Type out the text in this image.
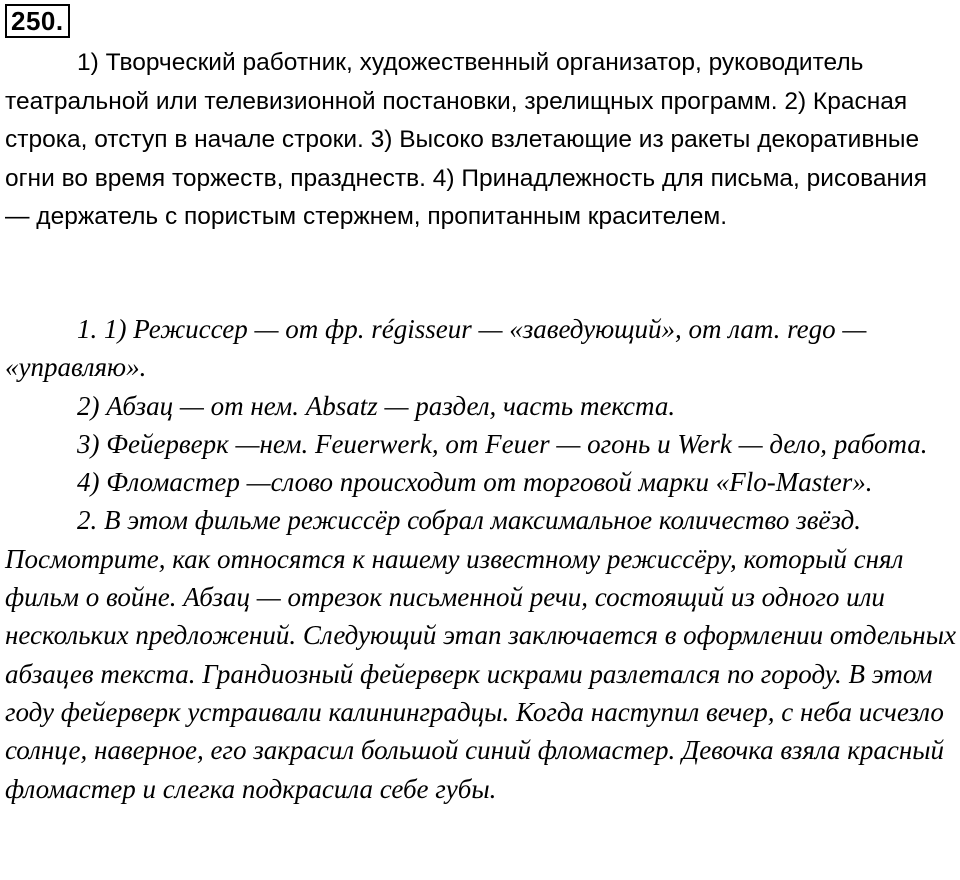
250.

1) Творческий работник, художественный организатор, руководитель театральной или телевизионной постановки, зрелищных программ. 2) Красная строка, отступ в начале строки. 3) Высоко взлетающие из ракеты декоративные огни во время торжеств, празднеств. 4) Принадлежность для письма, рисования — держатель с пористым стержнем, пропитанным красителем.

1. 1) Режиссер — от фр. régisseur — «заведующий», от лат. rego — «управляю».

2) Абзац — от нем. Absatz — раздел, часть текста.

3) Фейерверк —нем. Feuerwerk, от Feuer — огонь и Werk — дело, работа.

4) Фломастер —слово происходит от торговой марки «Flo-Master».

2. В этом фильме режиссёр собрал максимальное количество звёзд. Посмотрите, как относятся к нашему известному режиссёру, который снял фильм о войне. Абзац — отрезок письменной речи, состоящий из одного или нескольких предложений. Следующий этап заключается в оформлении отдельных абзацев текста. Грандиозный фейерверк искрами разлетался по городу. В этом году фейерверк устраивали калининградцы. Когда наступил вечер, с неба исчезло солнце, наверное, его закрасил большой синий фломастер. Девочка взяла красный фломастер и слегка подкрасила себе губы.
